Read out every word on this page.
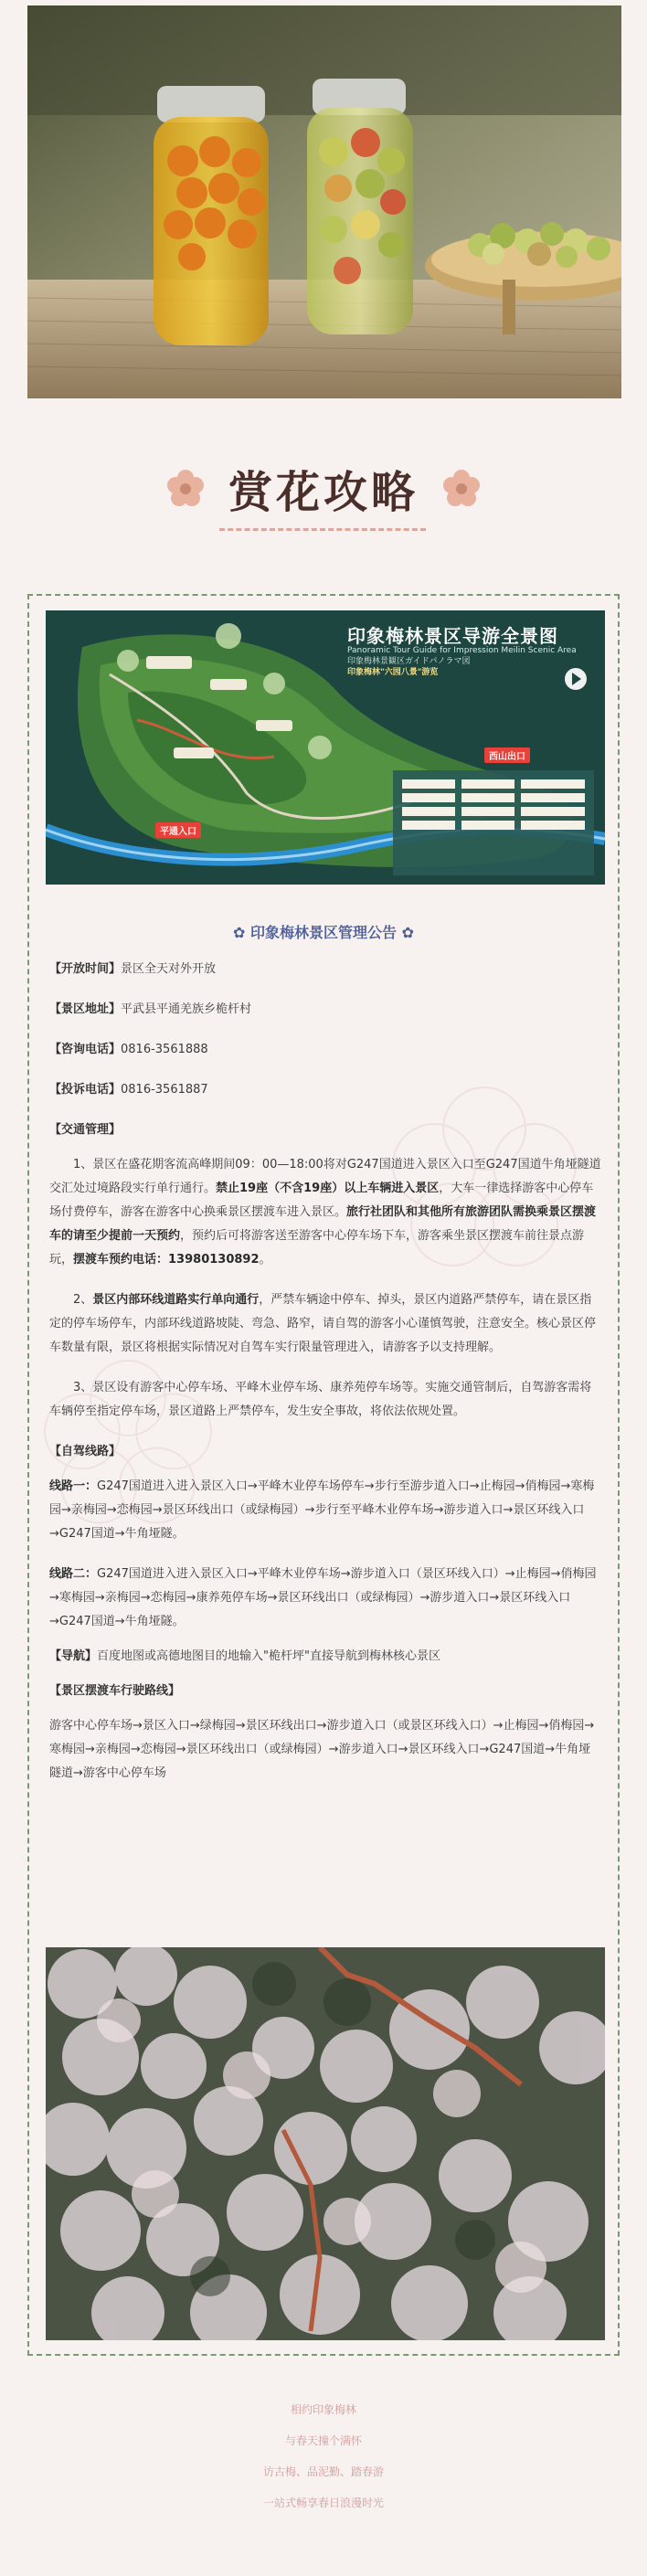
赏花攻略
印象梅林景区导游全景图
Panoramic Tour Guide for Impression Meilin Scenic Area
印象梅林景観区ガイドパノラマ図
印象梅林"六园八景"游览
平通入口
西山出口
✿ 印象梅林景区管理公告 ✿

【开放时间】景区全天对外开放

【景区地址】平武县平通羌族乡桅杆村

【咨询电话】0816-3561888

【投诉电话】0816-3561887

【交通管理】

1、景区在盛花期客流高峰期间09：00—18:00将对G247国道进入景区入口至G247国道牛角垭隧道交汇处过境路段实行单行通行。禁止19座（不含19座）以上车辆进入景区，大车一律选择游客中心停车场付费停车，游客在游客中心换乘景区摆渡车进入景区。旅行社团队和其他所有旅游团队需换乘景区摆渡车的请至少提前一天预约，预约后可将游客送至游客中心停车场下车，游客乘坐景区摆渡车前往景点游玩，摆渡车预约电话：13980130892。

2、景区内部环线道路实行单向通行，严禁车辆途中停车、掉头，景区内道路严禁停车，请在景区指定的停车场停车，内部环线道路坡陡、弯急、路窄，请自驾的游客小心谨慎驾驶，注意安全。核心景区停车数量有限，景区将根据实际情况对自驾车实行限量管理进入，请游客予以支持理解。

3、景区设有游客中心停车场、平峰木业停车场、康养苑停车场等。实施交通管制后，自驾游客需将车辆停至指定停车场，景区道路上严禁停车，发生安全事故，将依法依规处置。

【自驾线路】

线路一：G247国道进入进入景区入口→平峰木业停车场停车→步行至游步道入口→止梅园→俏梅园→寒梅园→亲梅园→恋梅园→景区环线出口（或绿梅园）→步行至平峰木业停车场→游步道入口→景区环线入口→G247国道→牛角垭隧。

线路二：G247国道进入进入景区入口→平峰木业停车场→游步道入口（景区环线入口）→止梅园→俏梅园→寒梅园→亲梅园→恋梅园→康养苑停车场→景区环线出口（或绿梅园）→游步道入口→景区环线入口→G247国道→牛角垭隧。

【导航】百度地图或高德地图目的地输入"桅杆坪"直接导航到梅林核心景区

【景区摆渡车行驶路线】

游客中心停车场→景区入口→绿梅园→景区环线出口→游步道入口（或景区环线入口）→止梅园→俏梅园→寒梅园→亲梅园→恋梅园→景区环线出口（或绿梅园）→游步道入口→景区环线入口→G247国道→牛角垭隧道→游客中心停车场

相约印象梅林
与春天撞个满怀
访古梅、品泥勤、踏春游
一站式畅享春日浪漫时光
